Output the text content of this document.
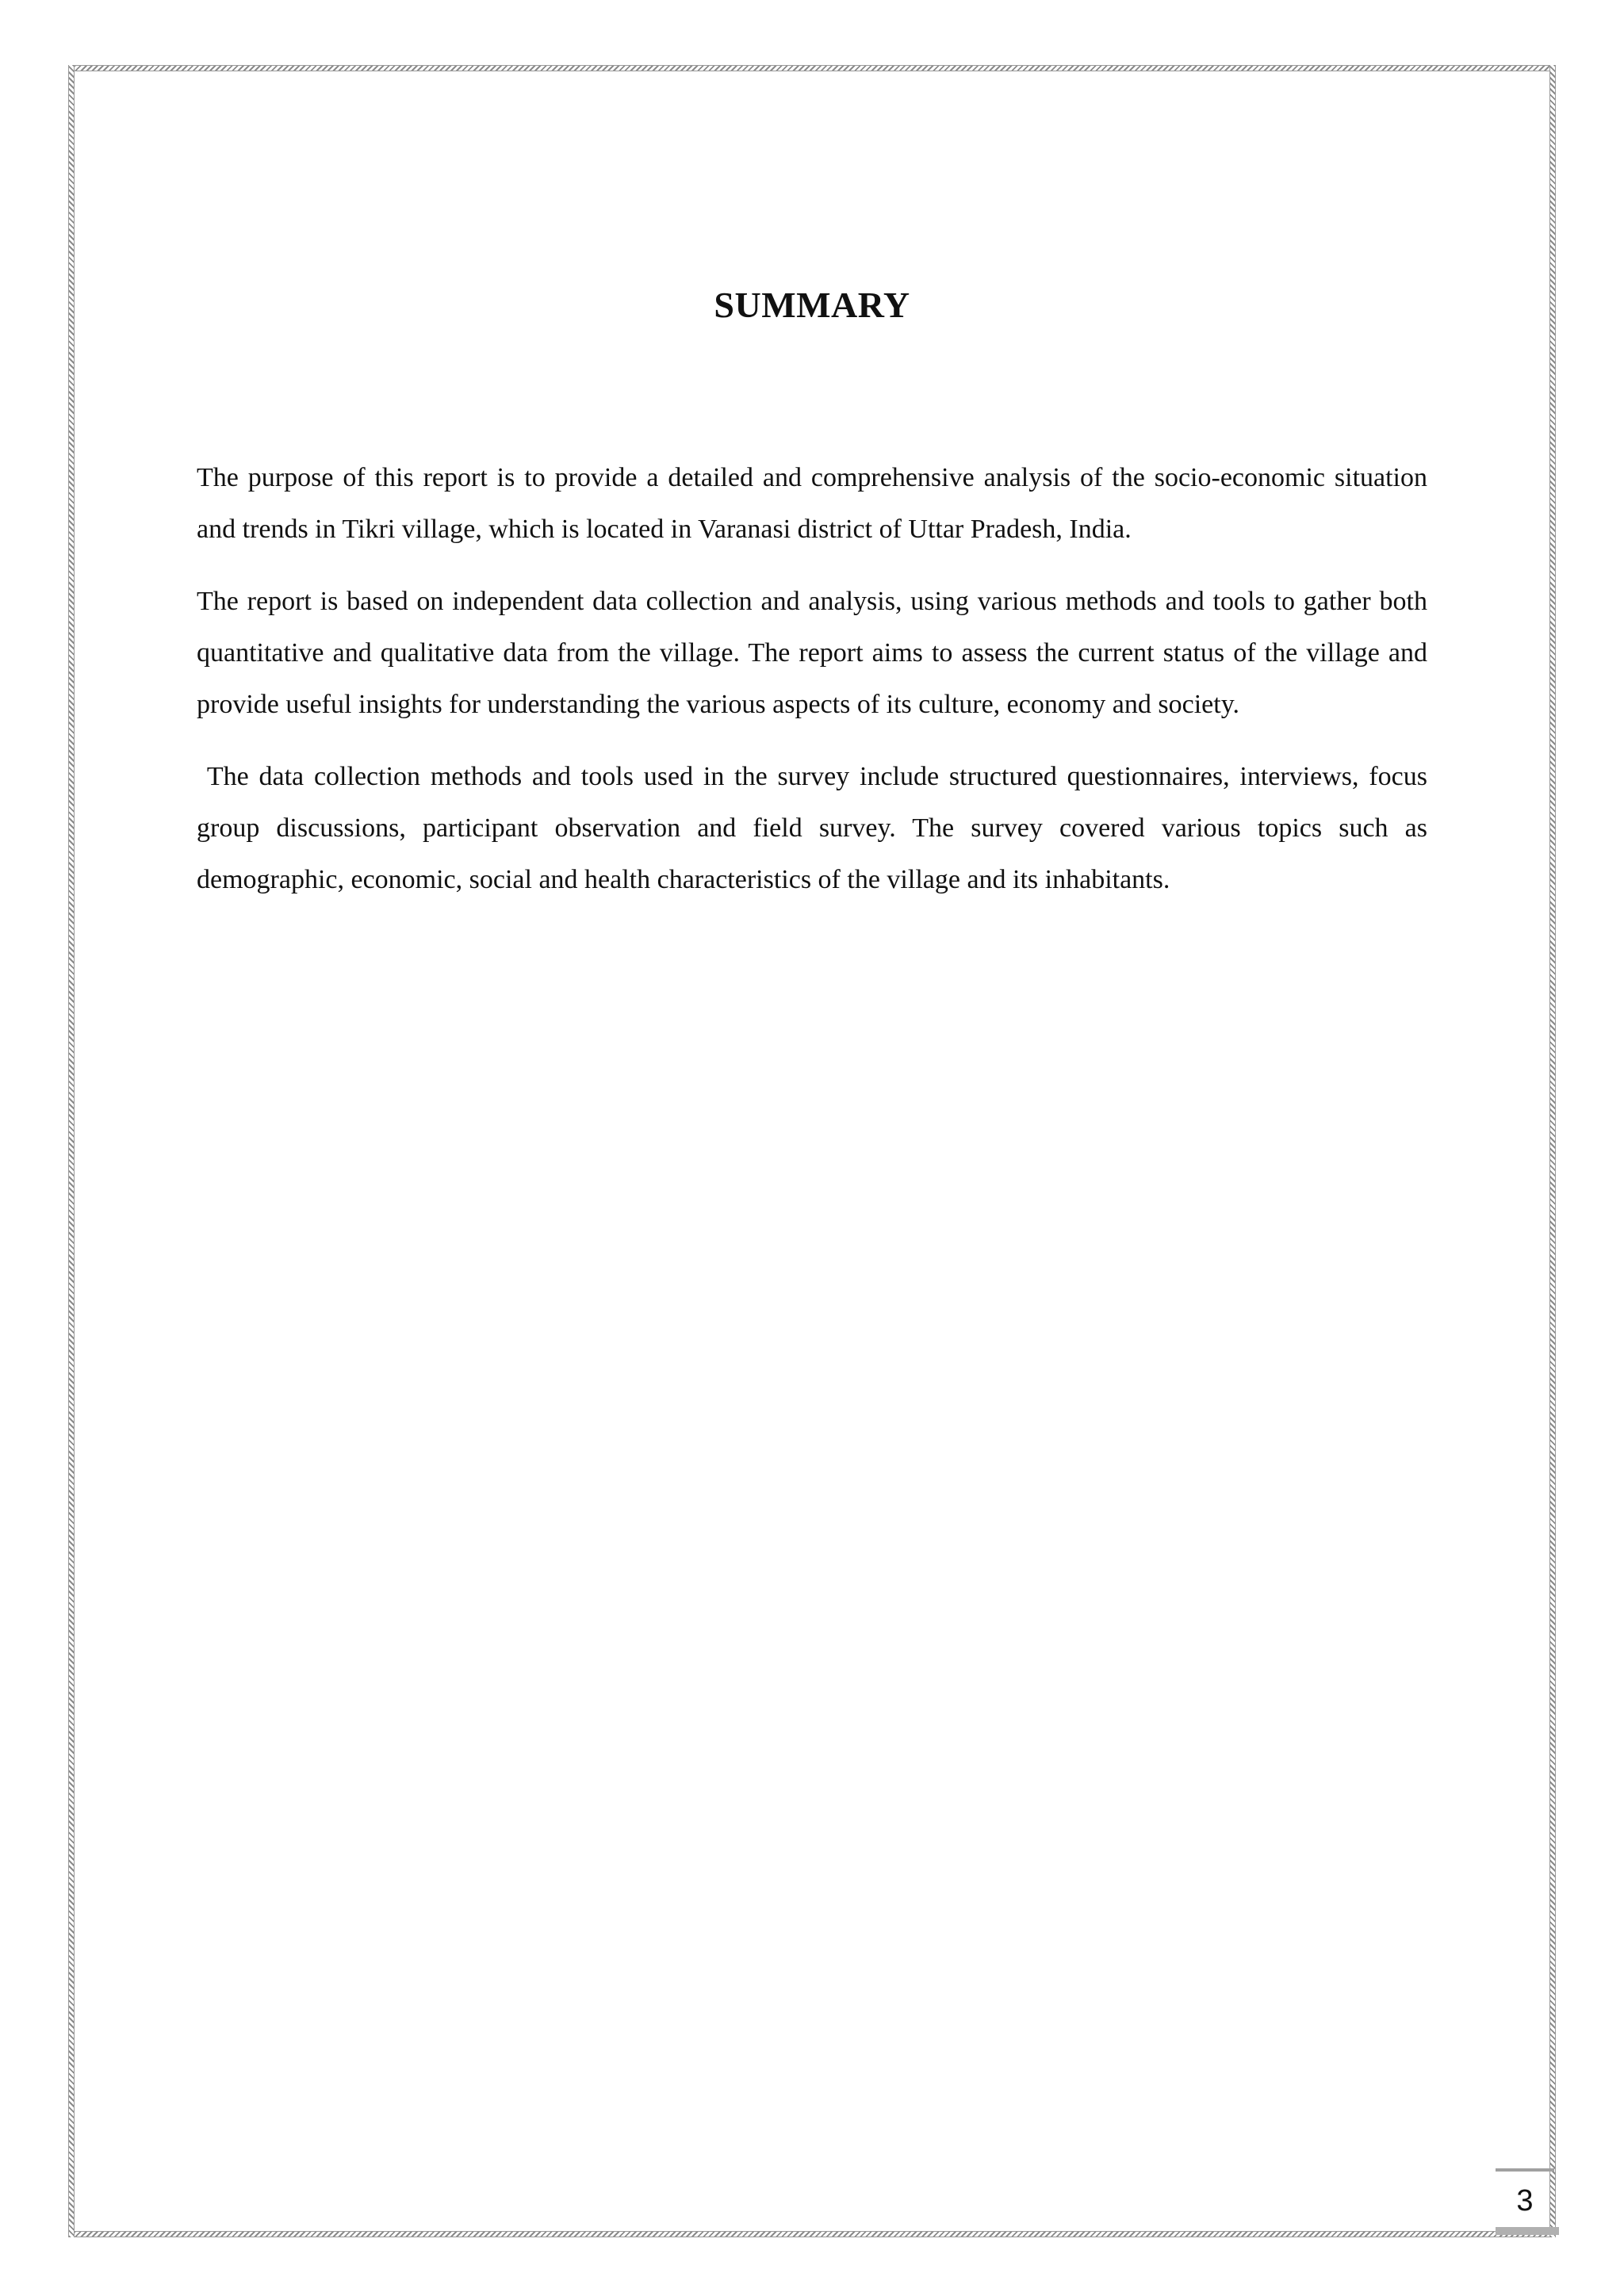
SUMMARY

The purpose of this report is to provide a detailed and comprehensive analysis of the socio-economic situation and trends in Tikri village, which is located in Varanasi district of Uttar Pradesh, India.

The report is based on independent data collection and analysis, using various methods and tools to gather both quantitative and qualitative data from the village. The report aims to assess the current status of the village and provide useful insights for understanding the various aspects of its culture, economy and society.

The data collection methods and tools used in the survey include structured questionnaires, interviews, focus group discussions, participant observation and field survey. The survey covered various topics such as demographic, economic, social and health characteristics of the village and its inhabitants.

3
